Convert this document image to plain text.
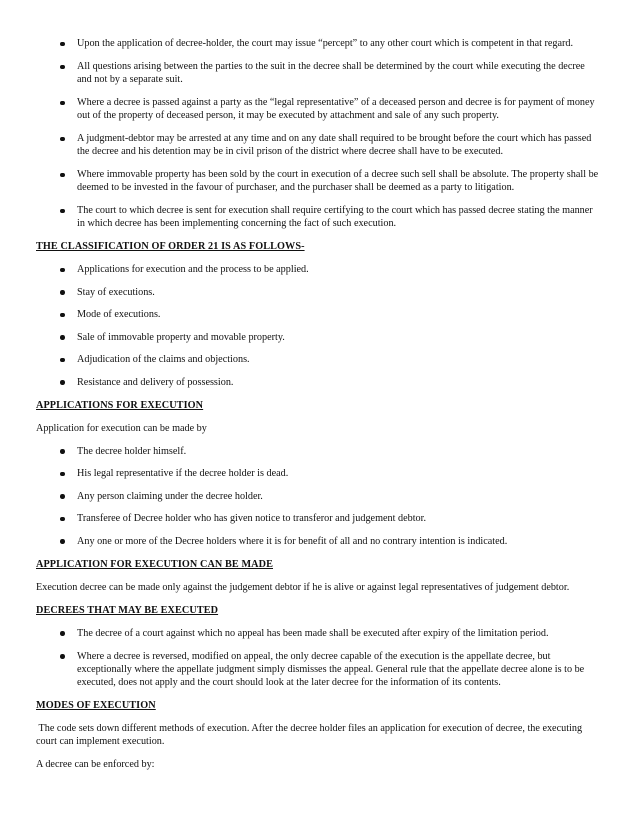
Upon the application of decree-holder, the court may issue “percept” to any other court which is competent in that regard.
All questions arising between the parties to the suit in the decree shall be determined by the court while executing the decree and not by a separate suit.
Where a decree is passed against a party as the “legal representative” of a deceased person and decree is for payment of money out of the property of deceased person, it may be executed by attachment and sale of any such property.
A judgment-debtor may be arrested at any time and on any date shall required to be brought before the court which has passed the decree and his detention may be in civil prison of the district where decree shall have to be executed.
Where immovable property has been sold by the court in execution of a decree such sell shall be absolute. The property shall be deemed to be invested in the favour of purchaser, and the purchaser shall be deemed as a party to litigation.
The court to which decree is sent for execution shall require certifying to the court which has passed decree stating the manner in which decree has been implementing concerning the fact of such execution.
THE CLASSIFICATION OF ORDER 21 IS AS FOLLOWS-
Applications for execution and the process to be applied.
Stay of executions.
Mode of executions.
Sale of immovable property and movable property.
Adjudication of the claims and objections.
Resistance and delivery of possession.
APPLICATIONS FOR EXECUTION
Application for execution can be made by
The decree holder himself.
His legal representative if the decree holder is dead.
Any person claiming under the decree holder.
Transferee of Decree holder who has given notice to transferor and judgement debtor.
Any one or more of the Decree holders where it is for benefit of all and no contrary intention is indicated.
APPLICATION FOR EXECUTION CAN BE MADE
Execution decree can be made only against the judgement debtor if he is alive or against legal representatives of judgement debtor.
DECREES THAT MAY BE EXECUTED
The decree of a court against which no appeal has been made shall be executed after expiry of the limitation period.
Where a decree is reversed, modified on appeal, the only decree capable of the execution is the appellate decree, but exceptionally where the appellate judgment simply dismisses the appeal. General rule that the appellate decree alone is to be executed, does not apply and the court should look at the later decree for the information of its contents.
MODES OF EXECUTION
The code sets down different methods of execution. After the decree holder files an application for execution of decree, the executing court can implement execution.
A decree can be enforced by:
